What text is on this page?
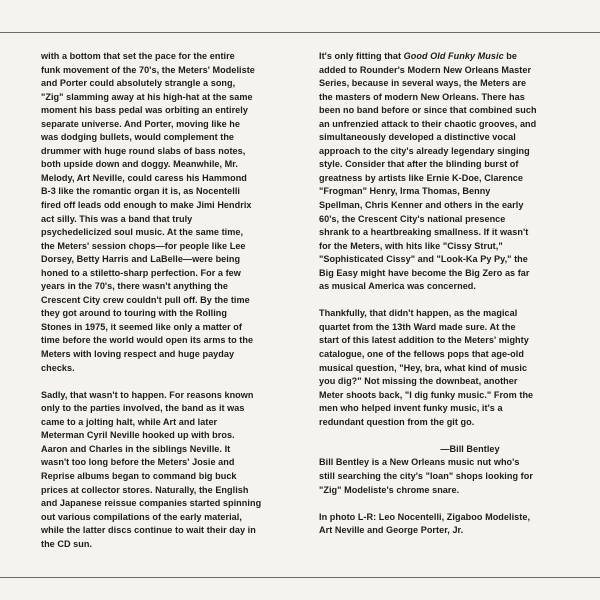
with a bottom that set the pace for the entire
funk movement of the 70's, the Meters' Modeliste
and Porter could absolutely strangle a song,
"Zig" slamming away at his high-hat at the same
moment his bass pedal was orbiting an entirely
separate universe. And Porter, moving like he
was dodging bullets, would complement the
drummer with huge round slabs of bass notes,
both upside down and doggy. Meanwhile, Mr.
Melody, Art Neville, could caress his Hammond
B-3 like the romantic organ it is, as Nocentelli
fired off leads odd enough to make Jimi Hendrix
act silly. This was a band that truly
psychedelicized soul music. At the same time,
the Meters' session chops—for people like Lee
Dorsey, Betty Harris and LaBelle—were being
honed to a stiletto-sharp perfection. For a few
years in the 70's, there wasn't anything the
Crescent City crew couldn't pull off. By the time
they got around to touring with the Rolling
Stones in 1975, it seemed like only a matter of
time before the world would open its arms to the
Meters with loving respect and huge payday
checks.

Sadly, that wasn't to happen. For reasons known
only to the parties involved, the band as it was
came to a jolting halt, while Art and later
Meterman Cyril Neville hooked up with bros.
Aaron and Charles in the siblings Neville. It
wasn't too long before the Meters' Josie and
Reprise albums began to command big buck
prices at collector stores. Naturally, the English
and Japanese reissue companies started spinning
out various compilations of the early material,
while the latter discs continue to wait their day in
the CD sun.

It's only fitting that Good Old Funky Music be
added to Rounder's Modern New Orleans Master
Series, because in several ways, the Meters are
the masters of modern New Orleans. There has
been no band before or since that combined such
an unfrenzied attack to their chaotic grooves, and
simultaneously developed a distinctive vocal
approach to the city's already legendary singing
style. Consider that after the blinding burst of
greatness by artists like Ernie K-Doe, Clarence
"Frogman" Henry, Irma Thomas, Benny
Spellman, Chris Kenner and others in the early
60's, the Crescent City's national presence
shrank to a heartbreaking smallness. If it wasn't
for the Meters, with hits like "Cissy Strut,"
"Sophisticated Cissy" and "Look-Ka Py Py," the
Big Easy might have become the Big Zero as far
as musical America was concerned.

Thankfully, that didn't happen, as the magical
quartet from the 13th Ward made sure. At the
start of this latest addition to the Meters' mighty
catalogue, one of the fellows pops that age-old
musical question, "Hey, bra, what kind of music
you dig?" Not missing the downbeat, another
Meter shoots back, "I dig funky music." From the
men who helped invent funky music, it's a
redundant question from the git go.

—Bill Bentley

Bill Bentley is a New Orleans music nut who's
still searching the city's "loan" shops looking for
"Zig" Modeliste's chrome snare.

In photo L-R: Leo Nocentelli, Zigaboo Modeliste,
Art Neville and George Porter, Jr.
